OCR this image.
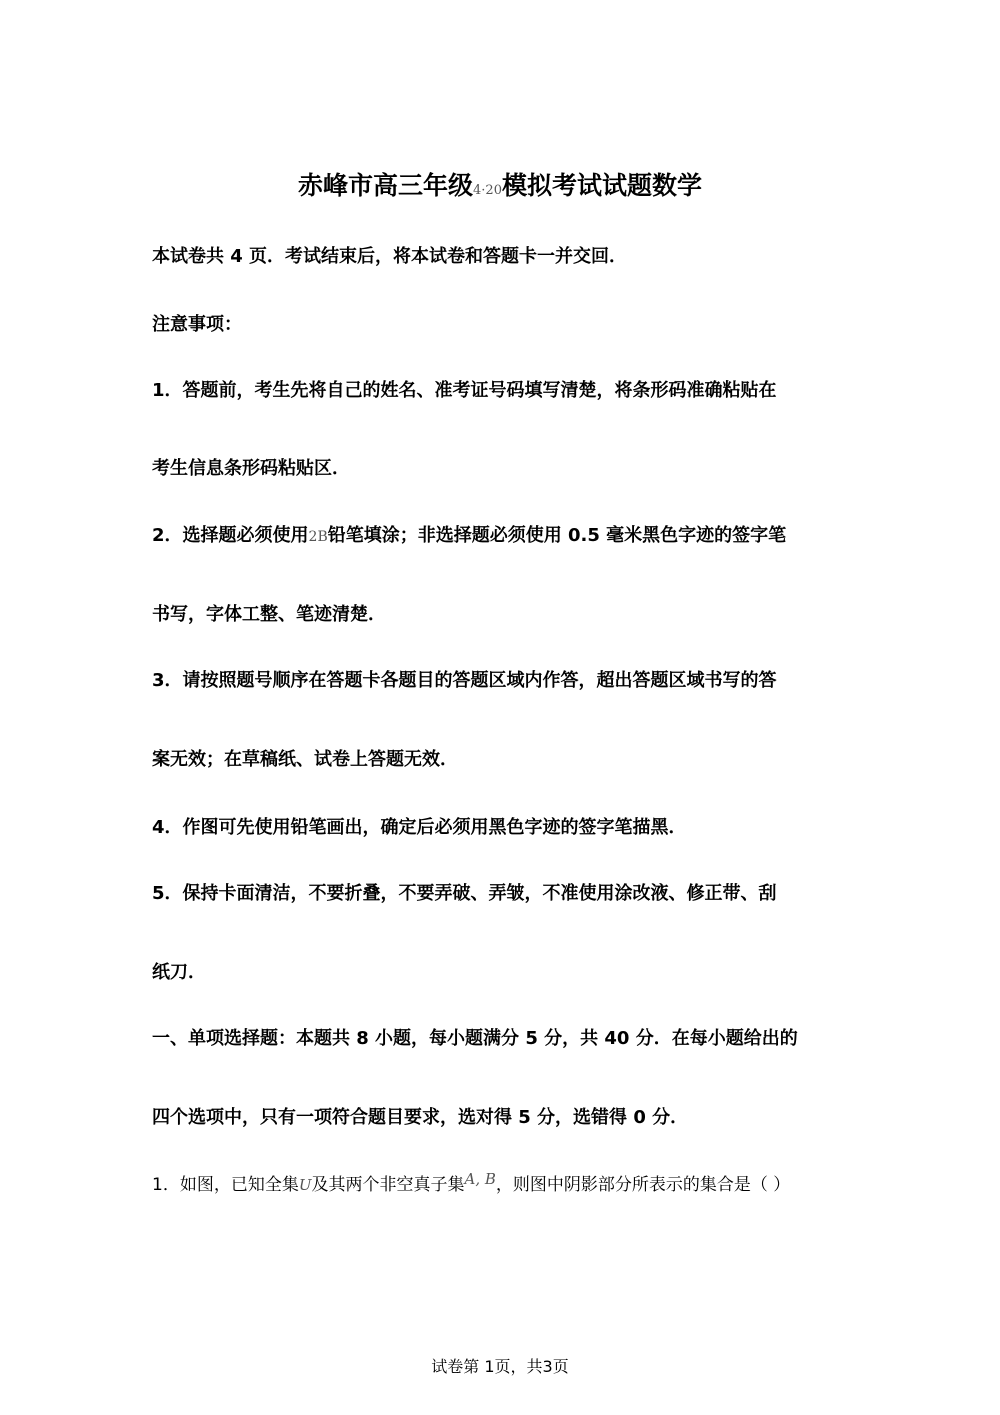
赤峰市高三年级4·20模拟考试试题数学
本试卷共 4 页．考试结束后，将本试卷和答题卡一并交回．
注意事项：
1．答题前，考生先将自己的姓名、准考证号码填写清楚，将条形码准确粘贴在
考生信息条形码粘贴区．
2．选择题必须使用2B铅笔填涂；非选择题必须使用 0.5 毫米黑色字迹的签字笔
书写，字体工整、笔迹清楚．
3．请按照题号顺序在答题卡各题目的答题区域内作答，超出答题区域书写的答
案无效；在草稿纸、试卷上答题无效．
4．作图可先使用铅笔画出，确定后必须用黑色字迹的签字笔描黑．
5．保持卡面清洁，不要折叠，不要弄破、弄皱，不准使用涂改液、修正带、刮
纸刀．
一、单项选择题：本题共 8 小题，每小题满分 5 分，共 40 分．在每小题给出的
四个选项中，只有一项符合题目要求，选对得 5 分，选错得 0 分．
1．如图，已知全集U及其两个非空真子集A, B，则图中阴影部分所表示的集合是（ ）
试卷第 1页，共3页
